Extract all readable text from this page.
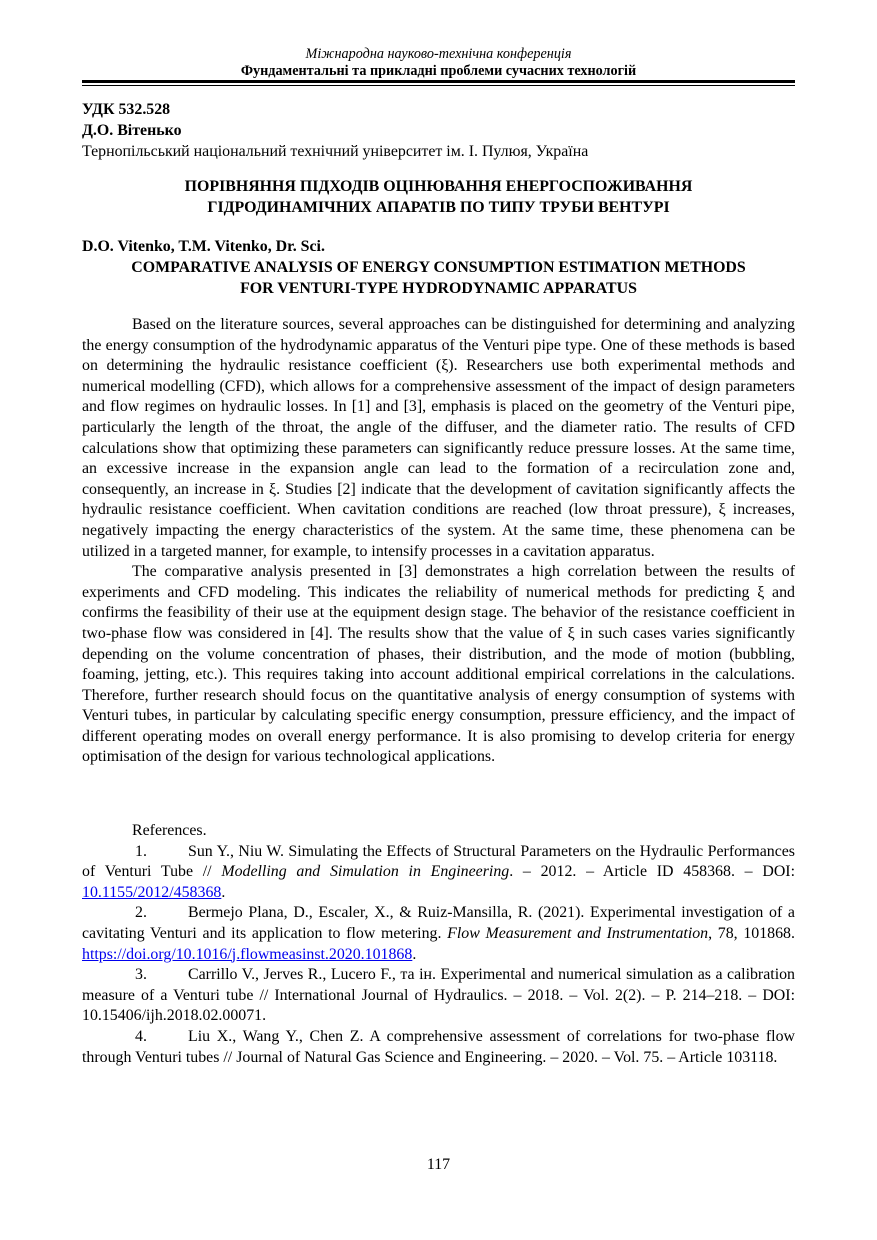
Міжнародна науково-технічна конференція
Фундаментальні та прикладні проблеми сучасних технологій
УДК 532.528
Д.О. Вітенько
Тернопільський національний технічний університет ім. І. Пулюя, Україна
ПОРІВНЯННЯ ПІДХОДІВ ОЦІНЮВАННЯ ЕНЕРГОСПОЖИВАННЯ
ГІДРОДИНАМІЧНИХ АПАРАТІВ ПО ТИПУ ТРУБИ ВЕНТУРІ
D.O. Vitenko, T.M. Vitenko, Dr. Sci.
COMPARATIVE ANALYSIS OF ENERGY CONSUMPTION ESTIMATION METHODS
FOR VENTURI-TYPE HYDRODYNAMIC APPARATUS

Based on the literature sources, several approaches can be distinguished for determining and analyzing the energy consumption of the hydrodynamic apparatus of the Venturi pipe type. One of these methods is based on determining the hydraulic resistance coefficient (ξ). Researchers use both experimental methods and numerical modelling (CFD), which allows for a comprehensive assessment of the impact of design parameters and flow regimes on hydraulic losses. In [1] and [3], emphasis is placed on the geometry of the Venturi pipe, particularly the length of the throat, the angle of the diffuser, and the diameter ratio. The results of CFD calculations show that optimizing these parameters can significantly reduce pressure losses. At the same time, an excessive increase in the expansion angle can lead to the formation of a recirculation zone and, consequently, an increase in ξ. Studies [2] indicate that the development of cavitation significantly affects the hydraulic resistance coefficient. When cavitation conditions are reached (low throat pressure), ξ increases, negatively impacting the energy characteristics of the system. At the same time, these phenomena can be utilized in a targeted manner, for example, to intensify processes in a cavitation apparatus.

The comparative analysis presented in [3] demonstrates a high correlation between the results of experiments and CFD modeling. This indicates the reliability of numerical methods for predicting ξ and confirms the feasibility of their use at the equipment design stage. The behavior of the resistance coefficient in two-phase flow was considered in [4]. The results show that the value of ξ in such cases varies significantly depending on the volume concentration of phases, their distribution, and the mode of motion (bubbling, foaming, jetting, etc.). This requires taking into account additional empirical correlations in the calculations. Therefore, further research should focus on the quantitative analysis of energy consumption of systems with Venturi tubes, in particular by calculating specific energy consumption, pressure efficiency, and the impact of different operating modes on overall energy performance. It is also promising to develop criteria for energy optimisation of the design for various technological applications.

References.

1.	Sun Y., Niu W. Simulating the Effects of Structural Parameters on the Hydraulic Performances of Venturi Tube // Modelling and Simulation in Engineering. – 2012. – Article ID 458368. – DOI: 10.1155/2012/458368.

2.	Bermejo Plana, D., Escaler, X., & Ruiz-Mansilla, R. (2021). Experimental investigation of a cavitating Venturi and its application to flow metering. Flow Measurement and Instrumentation, 78, 101868. https://doi.org/10.1016/j.flowmeasinst.2020.101868.

3.	Carrillo V., Jerves R., Lucero F., та ін. Experimental and numerical simulation as a calibration measure of a Venturi tube // International Journal of Hydraulics. – 2018. – Vol. 2(2). – P. 214–218. – DOI: 10.15406/ijh.2018.02.00071.

4.	Liu X., Wang Y., Chen Z. A comprehensive assessment of correlations for two-phase flow through Venturi tubes // Journal of Natural Gas Science and Engineering. – 2020. – Vol. 75. – Article 103118.

117
